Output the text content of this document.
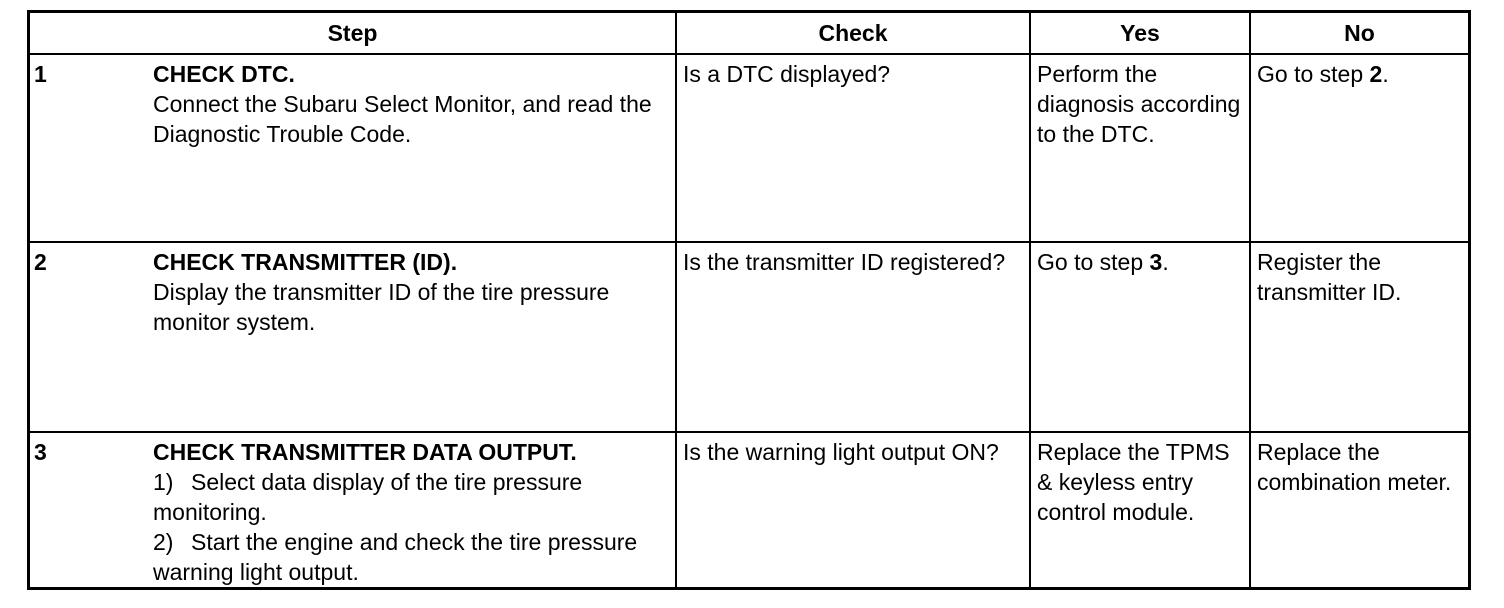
Step	Check	Yes	No

1 CHECK DTC.
Connect the Subaru Select Monitor, and read the Diagnostic Trouble Code.	Is a DTC displayed?	Perform the diagnosis according to the DTC.	Go to step 2.

2 CHECK TRANSMITTER (ID).
Display the transmitter ID of the tire pressure monitor system.	Is the transmitter ID registered?	Go to step 3.	Register the transmitter ID.

3 CHECK TRANSMITTER DATA OUTPUT.
1) Select data display of the tire pressure monitoring.
2) Start the engine and check the tire pressure warning light output.	Is the warning light output ON?	Replace the TPMS & keyless entry control module.	Replace the combination meter.
